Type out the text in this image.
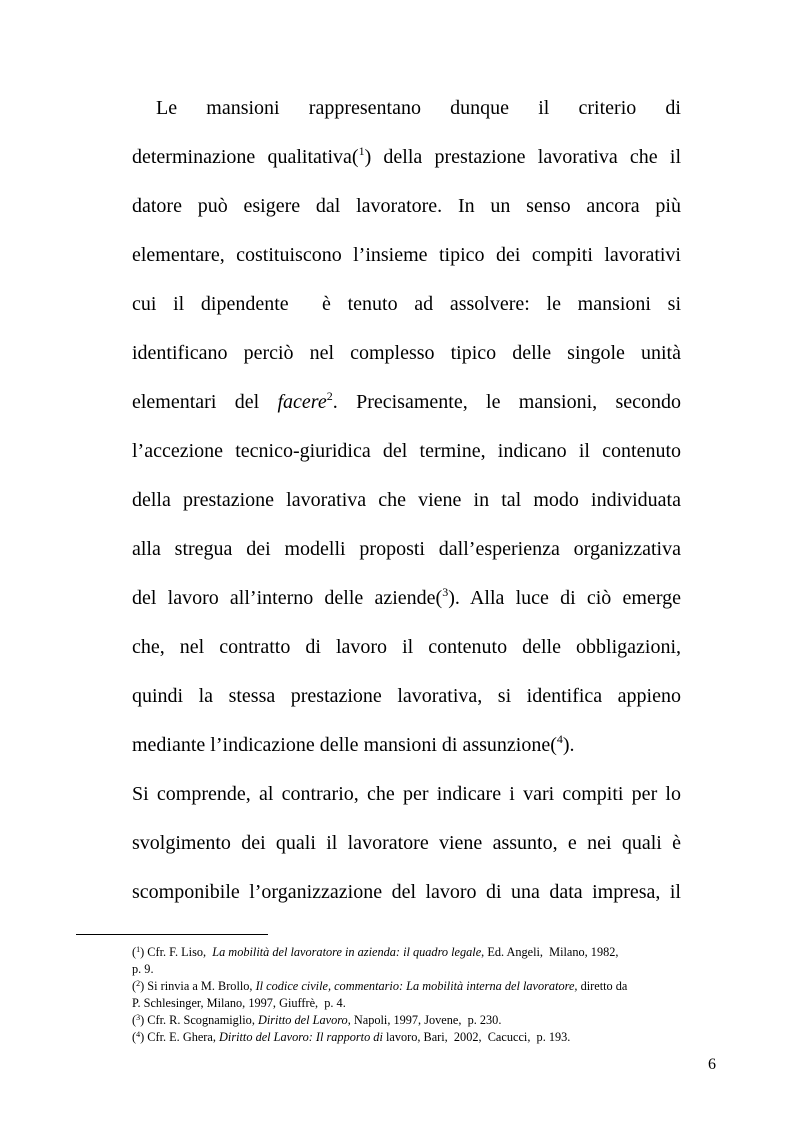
Le mansioni rappresentano dunque il criterio di
determinazione qualitativa($^1$) della prestazione lavorativa che il
datore può esigere dal lavoratore. In un senso ancora più
elementare, costituiscono l’insieme tipico dei compiti lavorativi
cui il dipendente  è tenuto ad assolvere: le mansioni si
identificano perciò nel complesso tipico delle singole unità
elementari del facere$^2$. Precisamente, le mansioni, secondo
l’accezione tecnico-giuridica del termine, indicano il contenuto
della prestazione lavorativa che viene in tal modo individuata
alla stregua dei modelli proposti dall’esperienza organizzativa
del lavoro all’interno delle aziende($^3$). Alla luce di ciò emerge
che, nel contratto di lavoro il contenuto delle obbligazioni,
quindi la stessa prestazione lavorativa, si identifica appieno
mediante l’indicazione delle mansioni di assunzione($^4$).
Si comprende, al contrario, che per indicare i vari compiti per lo
svolgimento dei quali il lavoratore viene assunto, e nei quali è
scomponibile l’organizzazione del lavoro di una data impresa, il
($^1$) Cfr. F. Liso,  La mobilità del lavoratore in azienda: il quadro legale, Ed. Angeli,  Milano, 1982,
p. 9.
($^2$) Si rinvia a M. Brollo, Il codice civile, commentario: La mobilità interna del lavoratore, diretto da
P. Schlesinger, Milano, 1997, Giuffrè,  p. 4.
($^3$) Cfr. R. Scognamiglio, Diritto del Lavoro, Napoli, 1997, Jovene,  p. 230.
($^4$) Cfr. E. Ghera, Diritto del Lavoro: Il rapporto di lavoro, Bari,  2002,  Cacucci,  p. 193.
6
